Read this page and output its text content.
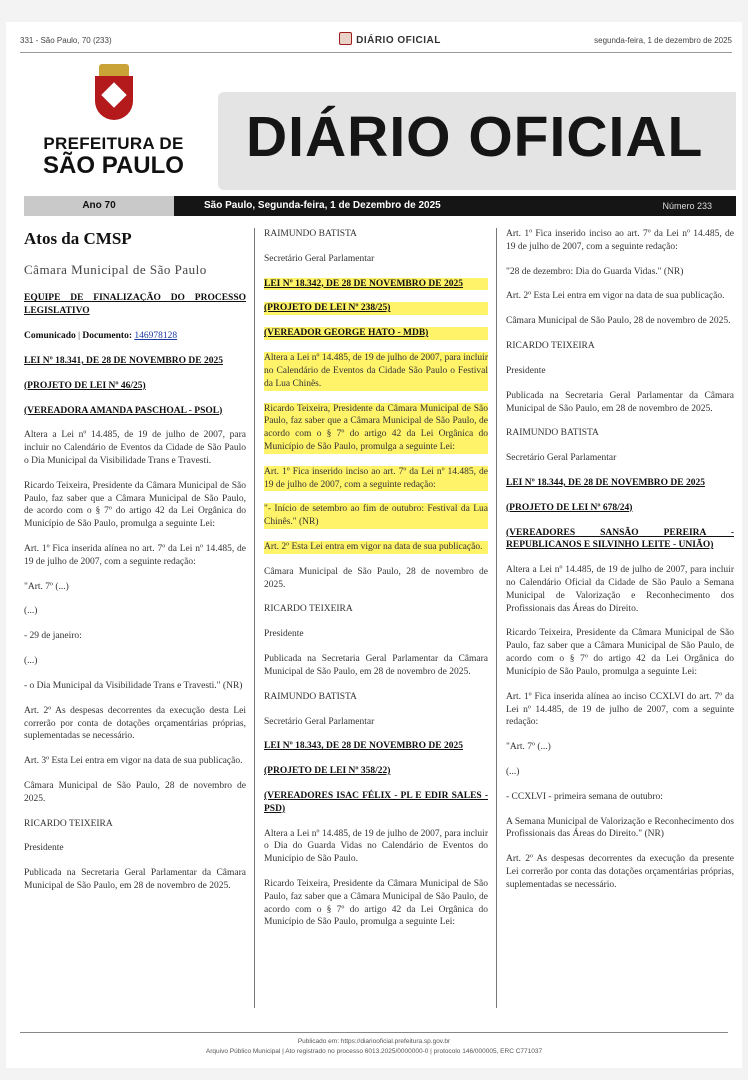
331 - São Paulo, 70 (233)	DIÁRIO OFICIAL	segunda-feira, 1 de dezembro de 2025
PREFEITURA DE
SÃO PAULO DIÁRIO OFICIAL
Ano 70	São Paulo, Segunda-feira, 1 de Dezembro de 2025	Número 233

Atos da CMSP

Câmara Municipal de São Paulo

EQUIPE DE FINALIZAÇÃO DO PROCESSO LEGISLATIVO

Comunicado | Documento: 146978128

LEI Nº 18.341, DE 28 DE NOVEMBRO DE 2025

(PROJETO DE LEI Nº 46/25)

(VEREADORA AMANDA PASCHOAL - PSOL)

Altera a Lei nº 14.485, de 19 de julho de 2007, para incluir no Calendário de Eventos da Cidade de São Paulo o Dia Municipal da Visibilidade Trans e Travesti.

Ricardo Teixeira, Presidente da Câmara Municipal de São Paulo, faz saber que a Câmara Municipal de São Paulo, de acordo com o § 7º do artigo 42 da Lei Orgânica do Município de São Paulo, promulga a seguinte Lei:

Art. 1º Fica inserida alínea no art. 7º da Lei nº 14.485, de 19 de julho de 2007, com a seguinte redação:

"Art. 7º (...)

(...)

- 29 de janeiro:

(...)

- o Dia Municipal da Visibilidade Trans e Travesti." (NR)

Art. 2º As despesas decorrentes da execução desta Lei correrão por conta de dotações orçamentárias próprias, suplementadas se necessário.

Art. 3º Esta Lei entra em vigor na data de sua publicação.

Câmara Municipal de São Paulo, 28 de novembro de 2025.

RICARDO TEIXEIRA

Presidente

Publicada na Secretaria Geral Parlamentar da Câmara Municipal de São Paulo, em 28 de novembro de 2025.

RAIMUNDO BATISTA

Secretário Geral Parlamentar

LEI Nº 18.342, DE 28 DE NOVEMBRO DE 2025

(PROJETO DE LEI Nº 238/25)

(VEREADOR GEORGE HATO - MDB)

Altera a Lei nº 14.485, de 19 de julho de 2007, para incluir no Calendário de Eventos da Cidade São Paulo o Festival da Lua Chinês.

Ricardo Teixeira, Presidente da Câmara Municipal de São Paulo, faz saber que a Câmara Municipal de São Paulo, de acordo com o § 7º do artigo 42 da Lei Orgânica do Município de São Paulo, promulga a seguinte Lei:

Art. 1º Fica inserido inciso ao art. 7º da Lei nº 14.485, de 19 de julho de 2007, com a seguinte redação:

"- Início de setembro ao fim de outubro: Festival da Lua Chinês." (NR)

Art. 2º Esta Lei entra em vigor na data de sua publicação.

Câmara Municipal de São Paulo, 28 de novembro de 2025.

RICARDO TEIXEIRA

Presidente

Publicada na Secretaria Geral Parlamentar da Câmara Municipal de São Paulo, em 28 de novembro de 2025.

RAIMUNDO BATISTA

Secretário Geral Parlamentar

LEI Nº 18.343, DE 28 DE NOVEMBRO DE 2025

(PROJETO DE LEI Nº 358/22)

(VEREADORES ISAC FÉLIX - PL E EDIR SALES - PSD)

Altera a Lei nº 14.485, de 19 de julho de 2007, para incluir o Dia do Guarda Vidas no Calendário de Eventos do Município de São Paulo.

Ricardo Teixeira, Presidente da Câmara Municipal de São Paulo, faz saber que a Câmara Municipal de São Paulo, de acordo com o § 7º do artigo 42 da Lei Orgânica do Município de São Paulo, promulga a seguinte Lei:

Art. 1º Fica inserido inciso ao art. 7º da Lei nº 14.485, de 19 de julho de 2007, com a seguinte redação:

"28 de dezembro: Dia do Guarda Vidas." (NR)

Art. 2º Esta Lei entra em vigor na data de sua publicação.

Câmara Municipal de São Paulo, 28 de novembro de 2025.

RICARDO TEIXEIRA

Presidente

Publicada na Secretaria Geral Parlamentar da Câmara Municipal de São Paulo, em 28 de novembro de 2025.

RAIMUNDO BATISTA

Secretário Geral Parlamentar

LEI Nº 18.344, DE 28 DE NOVEMBRO DE 2025

(PROJETO DE LEI Nº 678/24)

(VEREADORES SANSÃO PEREIRA - REPUBLICANOS E SILVINHO LEITE - UNIÃO)

Altera a Lei nº 14.485, de 19 de julho de 2007, para incluir no Calendário Oficial da Cidade de São Paulo a Semana Municipal de Valorização e Reconhecimento dos Profissionais das Áreas do Direito.

Ricardo Teixeira, Presidente da Câmara Municipal de São Paulo, faz saber que a Câmara Municipal de São Paulo, de acordo com o § 7º do artigo 42 da Lei Orgânica do Município de São Paulo, promulga a seguinte Lei:

Art. 1º Fica inserida alínea ao inciso CCXLVI do art. 7º da Lei nº 14.485, de 19 de julho de 2007, com a seguinte redação:

"Art. 7º (...)

(...)

- CCXLVI - primeira semana de outubro:

A Semana Municipal de Valorização e Reconhecimento dos Profissionais das Áreas do Direito." (NR)

Art. 2º As despesas decorrentes da execução da presente Lei correrão por conta das dotações orçamentárias próprias, suplementadas se necessário.

Publicado em: https://diariooficial.prefeitura.sp.gov.br
Arquivo Público Municipal | Ato registrado no processo 6013.2025/0000000-0 | protocolo 146/000005, ERC C771037
